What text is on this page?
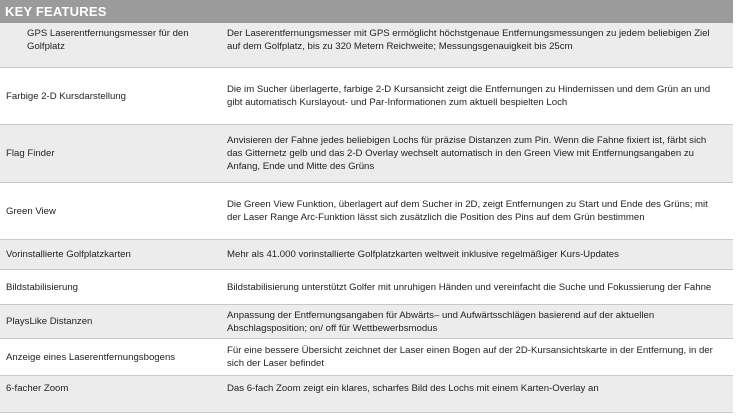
KEY FEATURES
GPS Laserentfernungsmesser für den Golfplatz	Der Laserentfernungsmesser mit GPS ermöglicht höchstgenaue Entfernungsmessungen zu jedem beliebigen Ziel auf dem Golfplatz, bis zu 320 Metern Reichweite; Messungsgenauigkeit bis 25cm
Farbige 2-D Kursdarstellung	Die im Sucher überlagerte, farbige 2-D Kursansicht zeigt die Entfernungen zu Hindernissen und dem Grün an und gibt automatisch Kurslayout- und Par-Informationen zum aktuell bespielten Loch
Flag Finder	Anvisieren der Fahne jedes beliebigen Lochs für präzise Distanzen zum Pin. Wenn die Fahne fixiert ist, färbt sich das Gitternetz gelb und das 2-D Overlay wechselt automatisch in den Green View mit Entfernungsangaben zu Anfang, Ende und Mitte des Grüns
Green View	Die Green View Funktion, überlagert auf dem Sucher in 2D, zeigt Entfernungen zu Start und Ende des Grüns; mit der Laser Range Arc-Funktion lässt sich zusätzlich die Position des Pins auf dem Grün bestimmen
Vorinstallierte Golfplatzkarten	Mehr als 41.000 vorinstallierte Golfplatzkarten weltweit inklusive regelmäßiger Kurs-Updates
Bildstabilisierung	Bildstabilisierung unterstützt Golfer mit unruhigen Händen und vereinfacht die Suche und Fokussierung der Fahne
PlaysLike Distanzen	Anpassung der Entfernungsangaben für Abwärts– und Aufwärtsschlägen basierend auf der aktuellen Abschlagsposition; on/ off für Wettbewerbsmodus
Anzeige eines Laserentfernungsbogens	Für eine bessere Übersicht zeichnet der Laser einen Bogen auf der 2D-Kursansichtskarte in der Entfernung, in der sich der Laser befindet
6-facher Zoom	Das 6-fach Zoom zeigt ein klares, scharfes Bild des Lochs mit einem Karten-Overlay an
